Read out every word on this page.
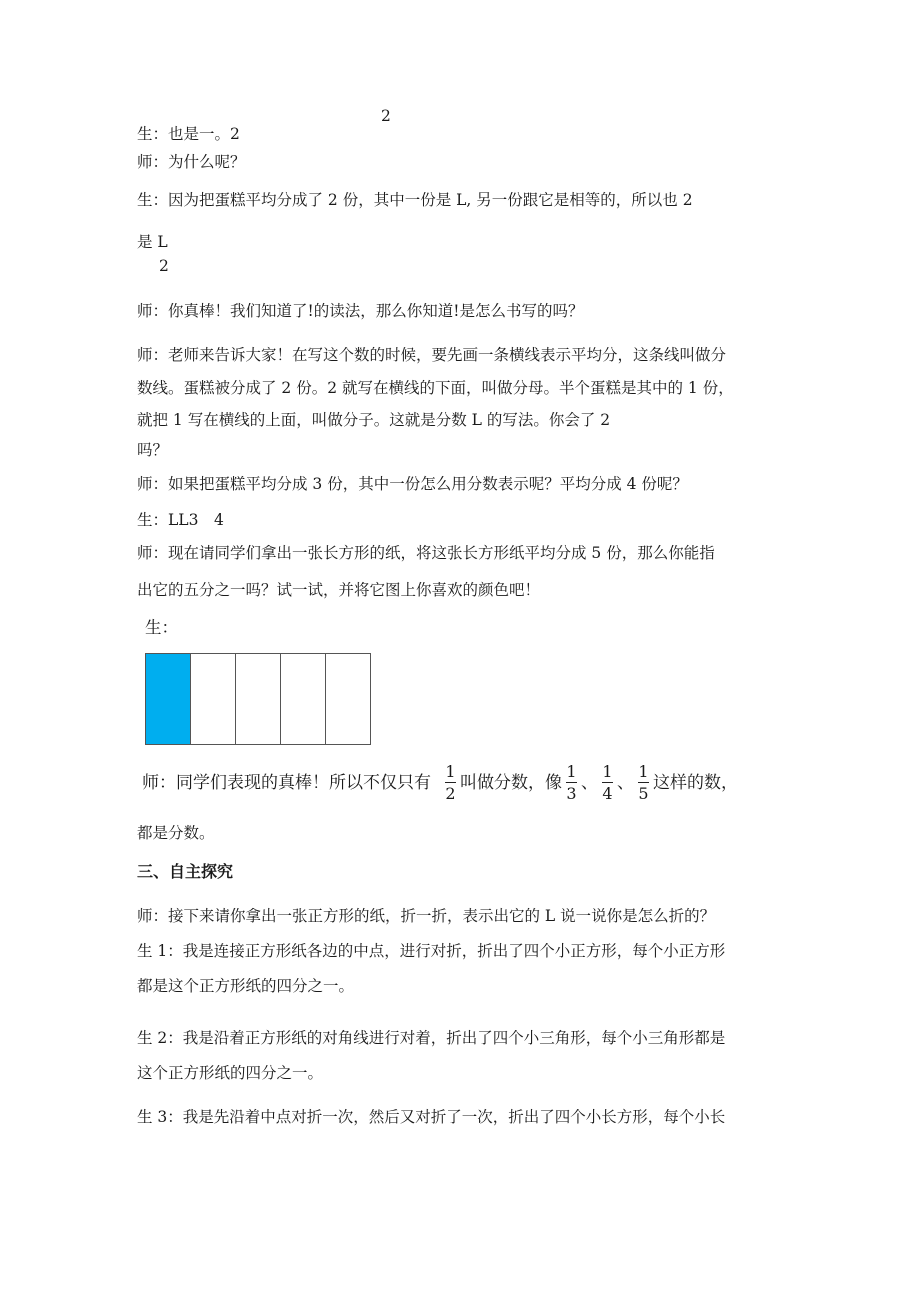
2
生：也是一。2
师：为什么呢？
生：因为把蛋糕平均分成了 2 份，其中一份是 L, 另一份跟它是相等的，所以也 2
是 L
2
师：你真棒！我们知道了!的读法，那么你知道!是怎么书写的吗？
师：老师来告诉大家！在写这个数的时候，要先画一条横线表示平均分，这条线叫做分
数线。蛋糕被分成了 2 份。2 就写在横线的下面，叫做分母。半个蛋糕是其中的 1 份，
就把 1 写在横线的上面，叫做分子。这就是分数 L 的写法。你会了 2
吗？
师：如果把蛋糕平均分成 3 份，其中一份怎么用分数表示呢？平均分成 4 份呢？
生：LL3　4
师：现在请同学们拿出一张长方形的纸，将这张长方形纸平均分成 5 份，那么你能指
出它的五分之一吗？试一试，并将它图上你喜欢的颜色吧！
生：
师：同学们表现的真棒！所以不仅只有 $\frac{1}{2}$ 叫做分数，像 $\frac{1}{3}$ 、 $\frac{1}{4}$ 、 $\frac{1}{5}$ 这样的数，
都是分数。
三、自主探究
师：接下来请你拿出一张正方形的纸，折一折，表示出它的 L 说一说你是怎么折的？
生 1：我是连接正方形纸各边的中点，进行对折，折出了四个小正方形，每个小正方形
都是这个正方形纸的四分之一。
生 2：我是沿着正方形纸的对角线进行对着，折出了四个小三角形，每个小三角形都是
这个正方形纸的四分之一。
生 3：我是先沿着中点对折一次，然后又对折了一次，折出了四个小长方形，每个小长
